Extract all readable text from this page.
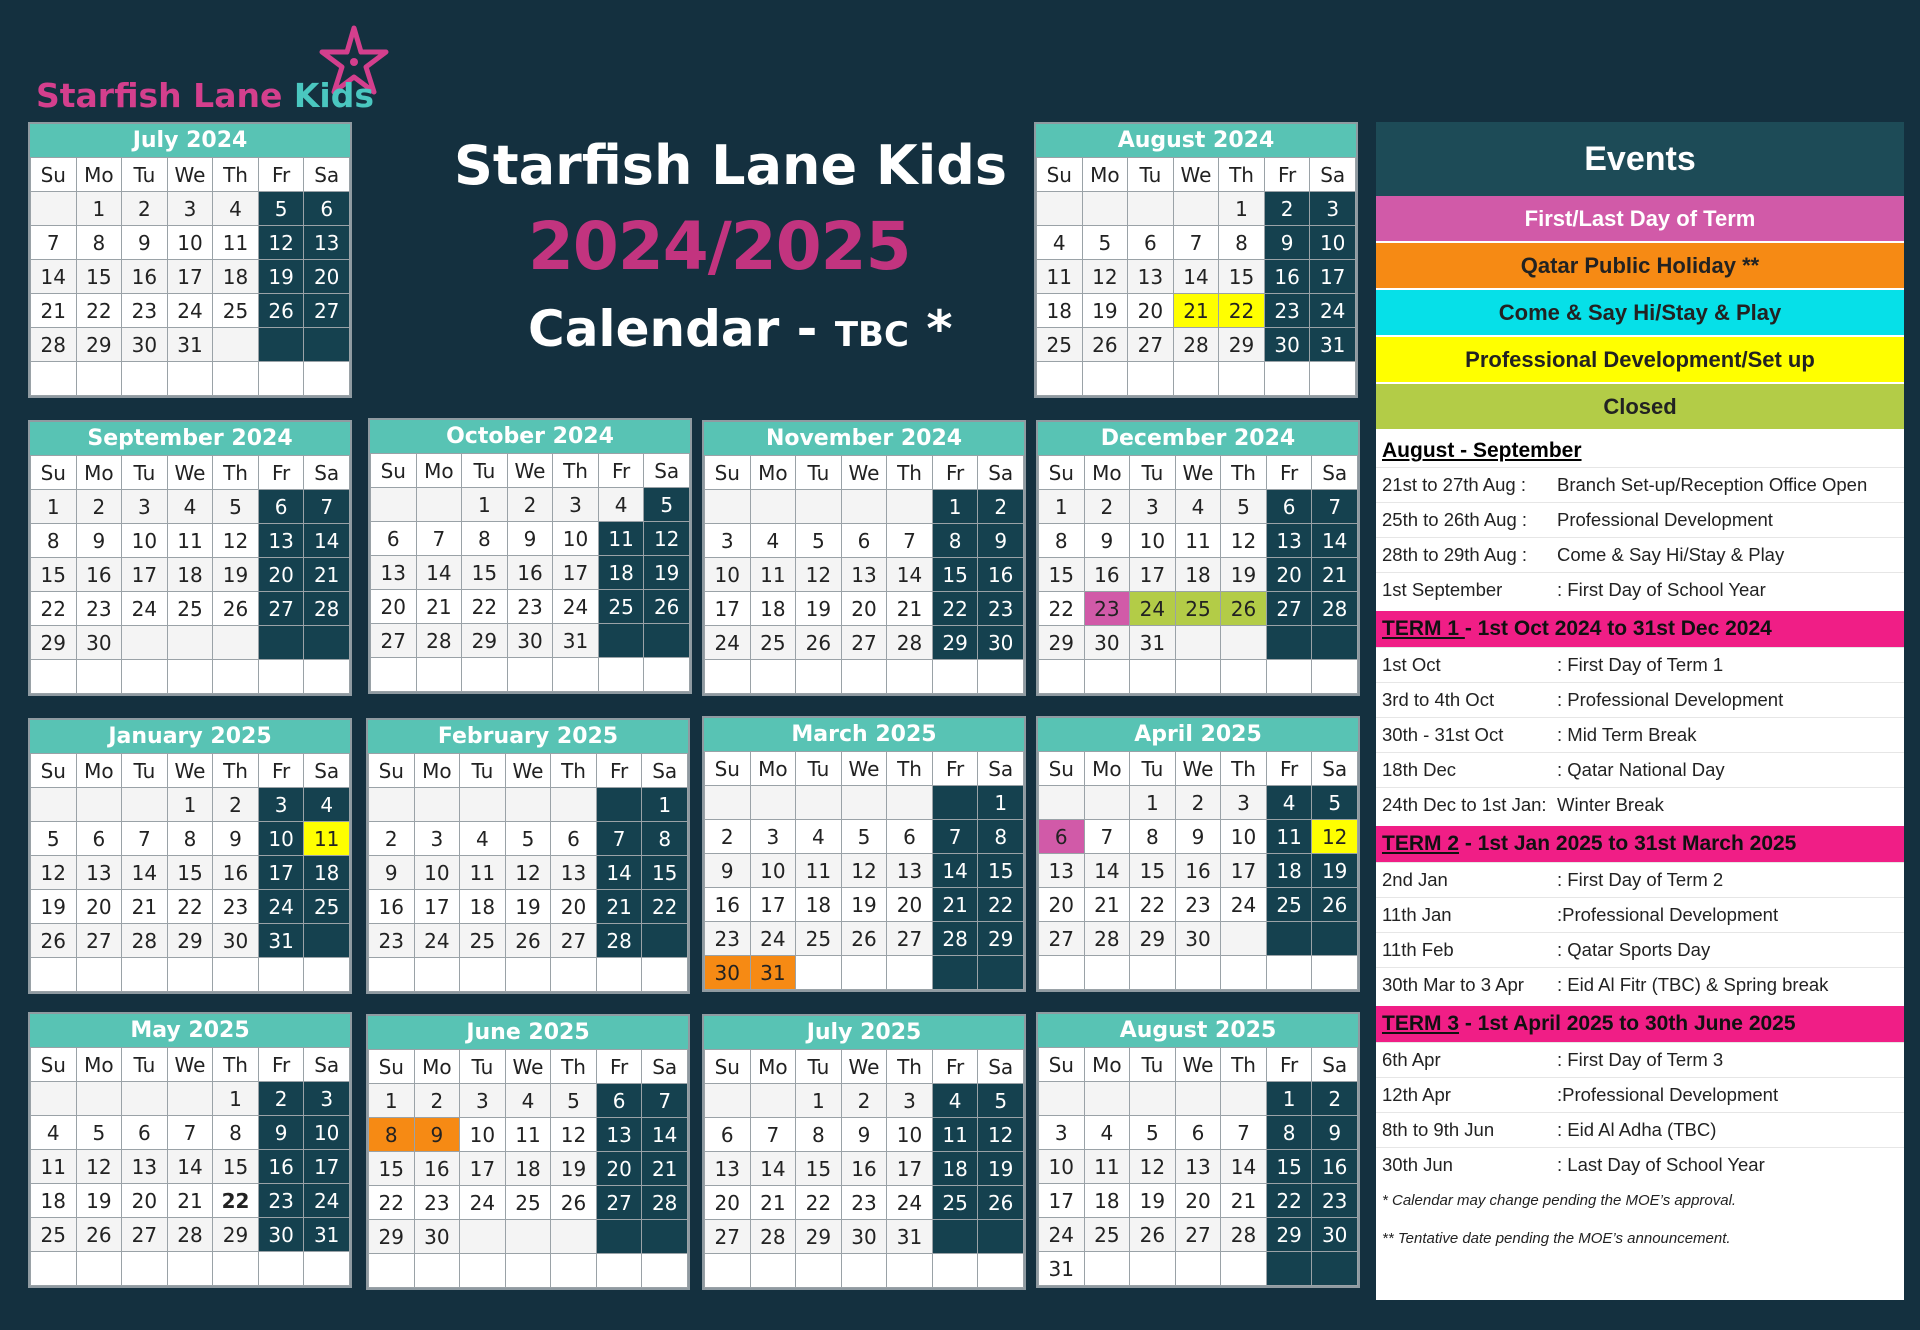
Starfish Lane Kids
Starfish Lane Kids
2024/2025
Calendar - TBC *
July 2024
Su	Mo	Tu	We	Th	Fr	Sa
	1	2	3	4	5	6
7	8	9	10	11	12	13
14	15	16	17	18	19	20
21	22	23	24	25	26	27
28	29	30	31			

August 2024
Su	Mo	Tu	We	Th	Fr	Sa
				1	2	3
4	5	6	7	8	9	10
11	12	13	14	15	16	17
18	19	20	21	22	23	24
25	26	27	28	29	30	31

September 2024
Su	Mo	Tu	We	Th	Fr	Sa
1	2	3	4	5	6	7
8	9	10	11	12	13	14
15	16	17	18	19	20	21
22	23	24	25	26	27	28
29	30					

October 2024
Su	Mo	Tu	We	Th	Fr	Sa
		1	2	3	4	5
6	7	8	9	10	11	12
13	14	15	16	17	18	19
20	21	22	23	24	25	26
27	28	29	30	31		

November 2024
Su	Mo	Tu	We	Th	Fr	Sa
					1	2
3	4	5	6	7	8	9
10	11	12	13	14	15	16
17	18	19	20	21	22	23
24	25	26	27	28	29	30

December 2024
Su	Mo	Tu	We	Th	Fr	Sa
1	2	3	4	5	6	7
8	9	10	11	12	13	14
15	16	17	18	19	20	21
22	23	24	25	26	27	28
29	30	31				

January 2025
Su	Mo	Tu	We	Th	Fr	Sa
			1	2	3	4
5	6	7	8	9	10	11
12	13	14	15	16	17	18
19	20	21	22	23	24	25
26	27	28	29	30	31	

February 2025
Su	Mo	Tu	We	Th	Fr	Sa
						1
2	3	4	5	6	7	8
9	10	11	12	13	14	15
16	17	18	19	20	21	22
23	24	25	26	27	28	

March 2025
Su	Mo	Tu	We	Th	Fr	Sa
						1
2	3	4	5	6	7	8
9	10	11	12	13	14	15
16	17	18	19	20	21	22
23	24	25	26	27	28	29
30	31					
April 2025
Su	Mo	Tu	We	Th	Fr	Sa
		1	2	3	4	5
6	7	8	9	10	11	12
13	14	15	16	17	18	19
20	21	22	23	24	25	26
27	28	29	30			

May 2025
Su	Mo	Tu	We	Th	Fr	Sa
				1	2	3
4	5	6	7	8	9	10
11	12	13	14	15	16	17
18	19	20	21	22	23	24
25	26	27	28	29	30	31

June 2025
Su	Mo	Tu	We	Th	Fr	Sa
1	2	3	4	5	6	7
8	9	10	11	12	13	14
15	16	17	18	19	20	21
22	23	24	25	26	27	28
29	30					

July 2025
Su	Mo	Tu	We	Th	Fr	Sa
		1	2	3	4	5
6	7	8	9	10	11	12
13	14	15	16	17	18	19
20	21	22	23	24	25	26
27	28	29	30	31		

August 2025
Su	Mo	Tu	We	Th	Fr	Sa
					1	2
3	4	5	6	7	8	9
10	11	12	13	14	15	16
17	18	19	20	21	22	23
24	25	26	27	28	29	30
31						
Events
First/Last Day of Term
Qatar Public Holiday **
Come & Say Hi/Stay & Play
Professional Development/Set up
Closed
August - September
21st to 27th Aug :Branch Set-up/Reception Office Open
25th to 26th Aug :Professional Development
28th to 29th Aug :Come & Say Hi/Stay & Play
1st September	: First Day of School Year
TERM 1 - 1st Oct 2024 to 31st Dec 2024
1st Oct	: First Day of Term 1
3rd to 4th Oct	: Professional Development
30th - 31st Oct	: Mid Term Break
18th Dec	: Qatar National Day
24th Dec to 1st Jan:Winter Break
TERM 2 - 1st Jan 2025 to 31st March 2025
2nd Jan	: First Day of Term 2
11th Jan	:Professional Development
11th Feb	: Qatar Sports Day
30th Mar to 3 Apr : Eid Al Fitr (TBC) & Spring break
TERM 3 - 1st April 2025 to 30th June 2025
6th Apr	: First Day of Term 3
12th Apr	:Professional Development
8th to 9th Jun	: Eid Al Adha (TBC)
30th Jun	: Last Day of School Year
* Calendar may change pending the MOE’s approval.
** Tentative date pending the MOE’s announcement.
